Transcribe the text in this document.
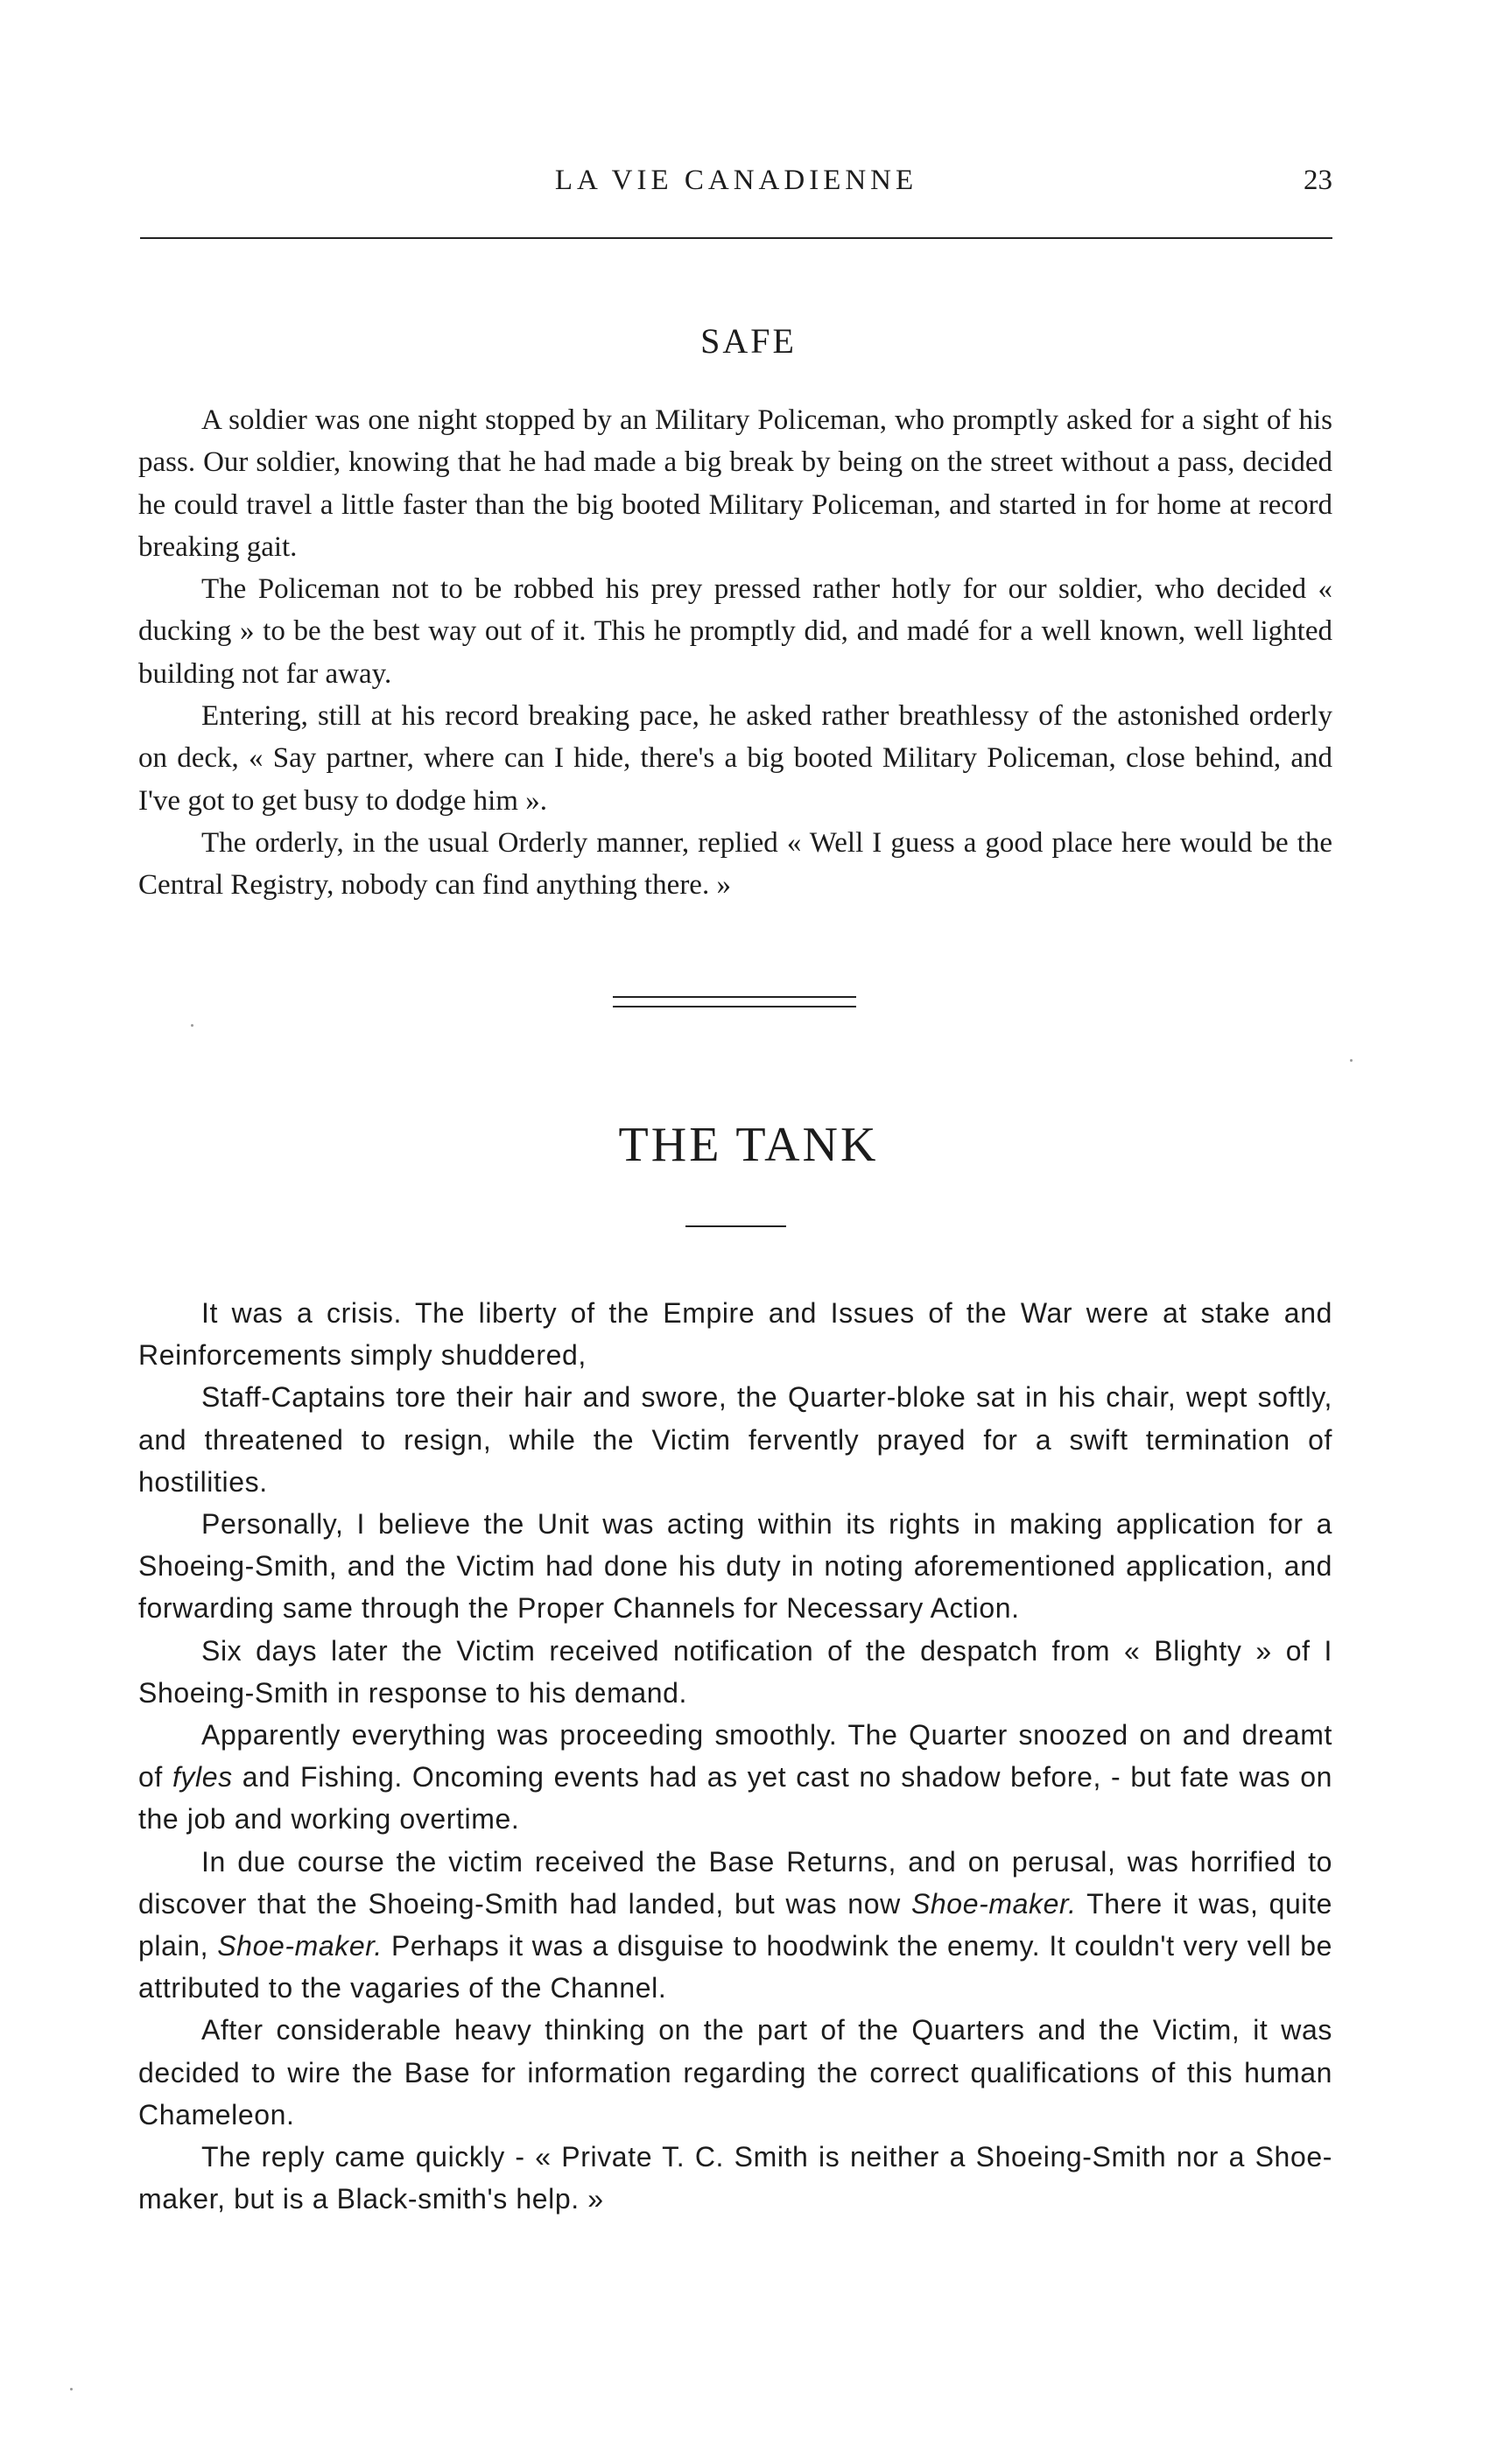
LA VIE CANADIENNE	23
SAFE

A soldier was one night stopped by an Military Policeman, who promptly asked for a sight of his pass. Our soldier, knowing that he had made a big break by being on the street without a pass, decided he could travel a little faster than the big booted Military Policeman, and started in for home at record breaking gait.

The Policeman not to be robbed his prey pressed rather hotly for our soldier, who decided « ducking » to be the best way out of it. This he promptly did, and madé for a well known, well lighted building not far away.

Entering, still at his record breaking pace, he asked rather breathlessy of the astonished orderly on deck, « Say partner, where can I hide, there's a big booted Military Policeman, close behind, and I've got to get busy to dodge him ».

The orderly, in the usual Orderly manner, replied « Well I guess a good place here would be the Central Registry, nobody can find anything there. »

THE TANK

It was a crisis. The liberty of the Empire and Issues of the War were at stake and Reinforcements simply shuddered,

Staff-Captains tore their hair and swore, the Quarter-bloke sat in his chair, wept softly, and threatened to resign, while the Victim fervently prayed for a swift termination of hostilities.

Personally, I believe the Unit was acting within its rights in making application for a Shoeing-Smith, and the Victim had done his duty in noting aforementioned application, and forwarding same through the Proper Channels for Necessary Action.

Six days later the Victim received notification of the despatch from « Blighty » of I Shoeing-Smith in response to his demand.

Apparently everything was proceeding smoothly. The Quarter snoozed on and dreamt of fyles and Fishing. Oncoming events had as yet cast no shadow before, - but fate was on the job and working overtime.

In due course the victim received the Base Returns, and on perusal, was horrified to discover that the Shoeing-Smith had landed, but was now Shoe-maker. There it was, quite plain, Shoe-maker. Perhaps it was a disguise to hoodwink the enemy. It couldn't very vell be attributed to the vagaries of the Channel.

After considerable heavy thinking on the part of the Quarters and the Victim, it was decided to wire the Base for information regarding the correct qualifications of this human Chameleon.

The reply came quickly - « Private T. C. Smith is neither a Shoeing-Smith nor a Shoe-maker, but is a Black-smith's help. »
